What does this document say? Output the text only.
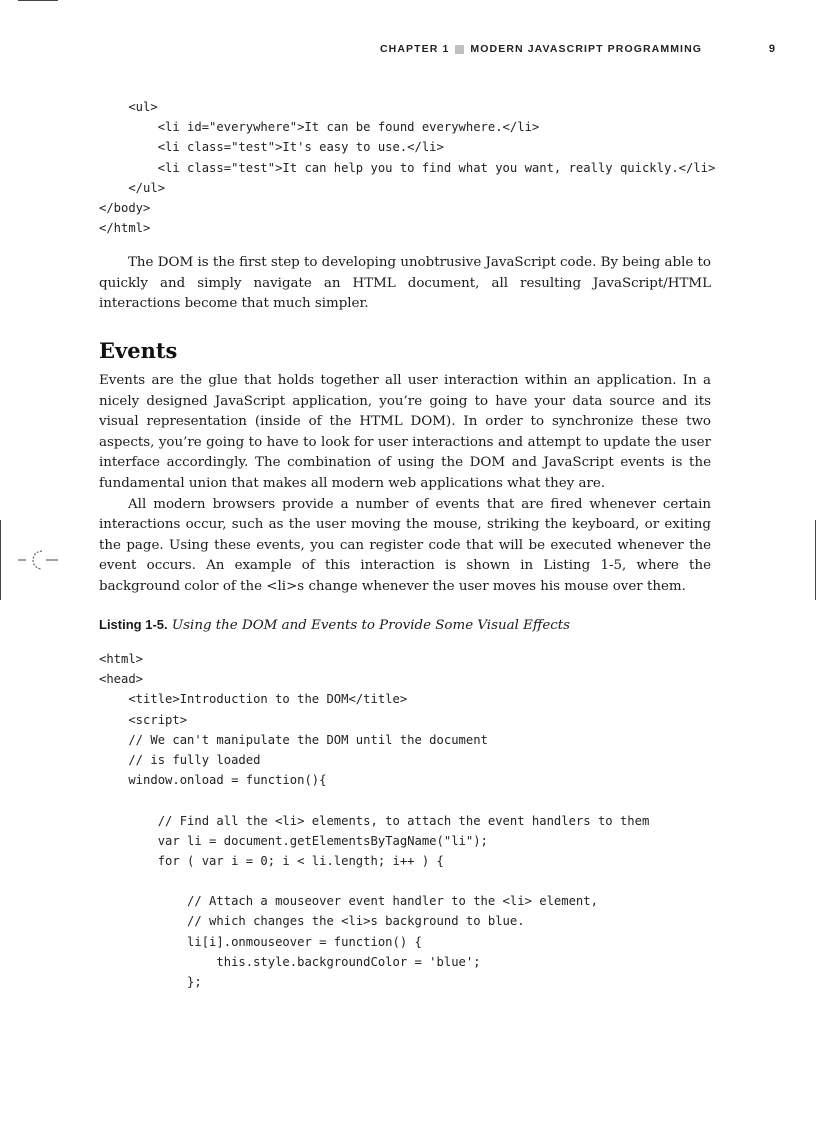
CHAPTER 1 MODERN JAVASCRIPT PROGRAMMING	9
<ul>
<li id="everywhere">It can be found everywhere.</li>
<li class="test">It's easy to use.</li>
<li class="test">It can help you to find what you want, really quickly.</li>
</ul>
</body>
</html>

The DOM is the first step to developing unobtrusive JavaScript code. By being able to quickly and simply navigate an HTML document, all resulting JavaScript/HTML interactions become that much simpler.

Events

Events are the glue that holds together all user interaction within an application. In a nicely designed JavaScript application, you’re going to have your data source and its visual representation (inside of the HTML DOM). In order to synchronize these two aspects, you’re going to have to look for user interactions and attempt to update the user interface accordingly. The combination of using the DOM and JavaScript events is the fundamental union that makes all modern web applications what they are.

All modern browsers provide a number of events that are fired whenever certain interactions occur, such as the user moving the mouse, striking the keyboard, or exiting the page. Using these events, you can register code that will be executed whenever the event occurs. An example of this interaction is shown in Listing 1-5, where the background color of the <li>s change whenever the user moves his mouse over them.

Listing 1-5. Using the DOM and Events to Provide Some Visual Effects

<html>
<head>
<title>Introduction to the DOM</title>
<script>
// We can't manipulate the DOM until the document
// is fully loaded
window.onload = function(){
// Find all the <li> elements, to attach the event handlers to them
var li = document.getElementsByTagName("li");
for ( var i = 0; i < li.length; i++ ) {
// Attach a mouseover event handler to the <li> element,
// which changes the <li>s background to blue.
li[i].onmouseover = function() {
this.style.backgroundColor = 'blue';
};
